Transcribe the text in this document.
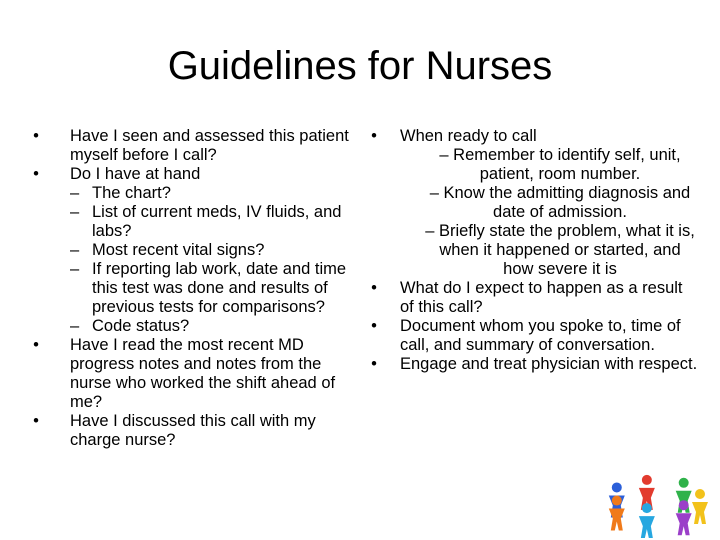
Guidelines for Nurses
• Have I seen and assessed this patient myself before I call?
• Do I have at hand
– The chart?
– List of current meds, IV fluids, and labs?
– Most recent vital signs?
– If reporting lab work, date and time this test was done and results of previous tests for comparisons?
– Code status?
• Have I read the most recent MD progress notes and notes from the nurse who worked the shift ahead of me?
• Have I discussed this call with my charge nurse?
• When ready to call
– Remember to identify self, unit, patient, room number.
– Know the admitting diagnosis and date of admission.
– Briefly state the problem, what it is, when it happened or started, and how severe it is
• What do I expect to happen as a result of this call?
• Document whom you spoke to, time of call, and summary of conversation.
• Engage and treat physician with respect.
